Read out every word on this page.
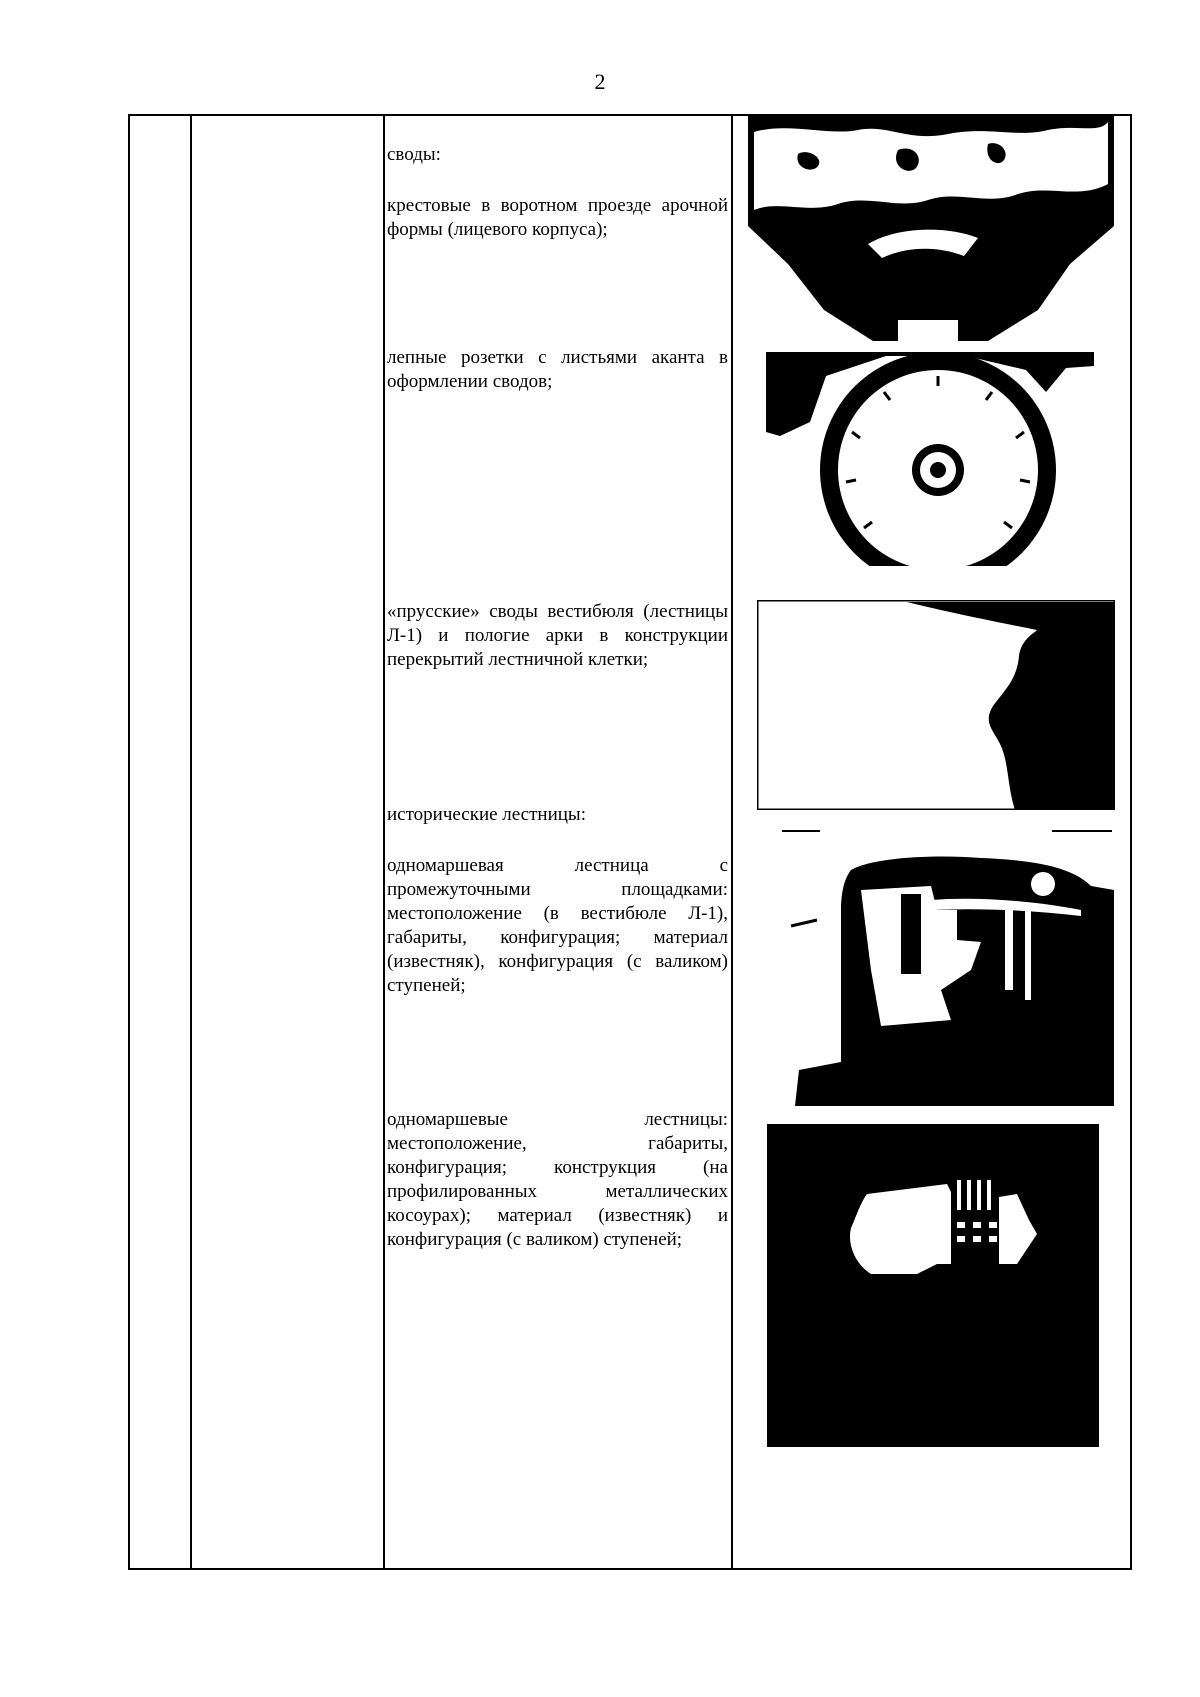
2

своды:

крестовые в воротном проезде арочной формы (лицевого корпуса);

лепные розетки с листьями аканта в оформлении сводов;

«прусские» своды вестибюля (лестницы Л-1) и пологие арки в конструкции перекрытий лестничной клетки;

исторические лестницы:

одномаршевая лестница с промежуточными площадками: местоположение (в вестибюле Л-1), габариты, конфигурация; материал (известняк), конфигурация (с валиком) ступеней;

одномаршевые лестницы: местоположение, габариты, конфигурация; конструкция (на профилированных металлических косоурах); материал (известняк) и конфигурация (с валиком) ступеней;
